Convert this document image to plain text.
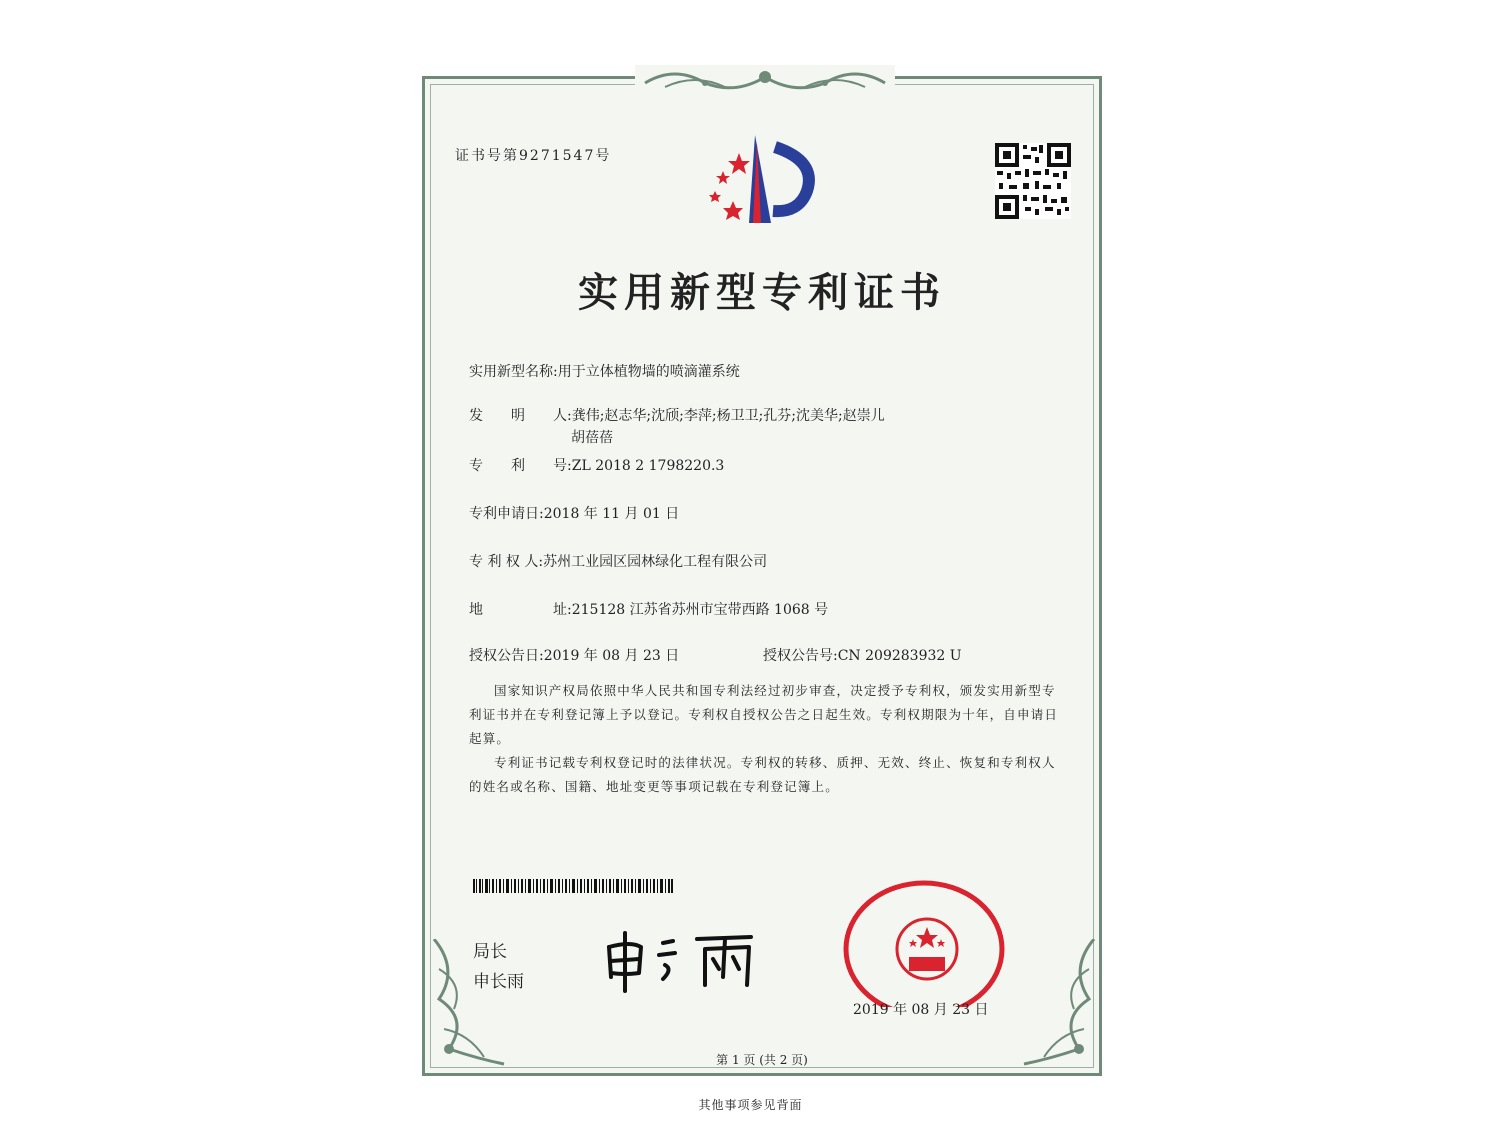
证书号第9271547号
实用新型专利证书
实用新型名称:用于立体植物墙的喷滴灌系统
发　　明　　人:龚伟;赵志华;沈颀;李萍;杨卫卫;孔芬;沈美华;赵崇儿
胡蓓蓓
专　　利　　号:ZL 2018 2 1798220.3
专利申请日:2018 年 11 月 01 日
专 利 权 人:苏州工业园区园林绿化工程有限公司
地　　　　　址:215128 江苏省苏州市宝带西路 1068 号
授权公告日:2019 年 08 月 23 日	授权公告号:CN 209283932 U

国家知识产权局依照中华人民共和国专利法经过初步审查，决定授予专利权，颁发实用新型专利证书并在专利登记簿上予以登记。专利权自授权公告之日起生效。专利权期限为十年，自申请日起算。

专利证书记载专利权登记时的法律状况。专利权的转移、质押、无效、终止、恢复和专利权人的姓名或名称、国籍、地址变更等事项记载在专利登记簿上。

局长
申长雨
2019 年 08 月 23 日
第 1 页 (共 2 页)
其他事项参见背面
